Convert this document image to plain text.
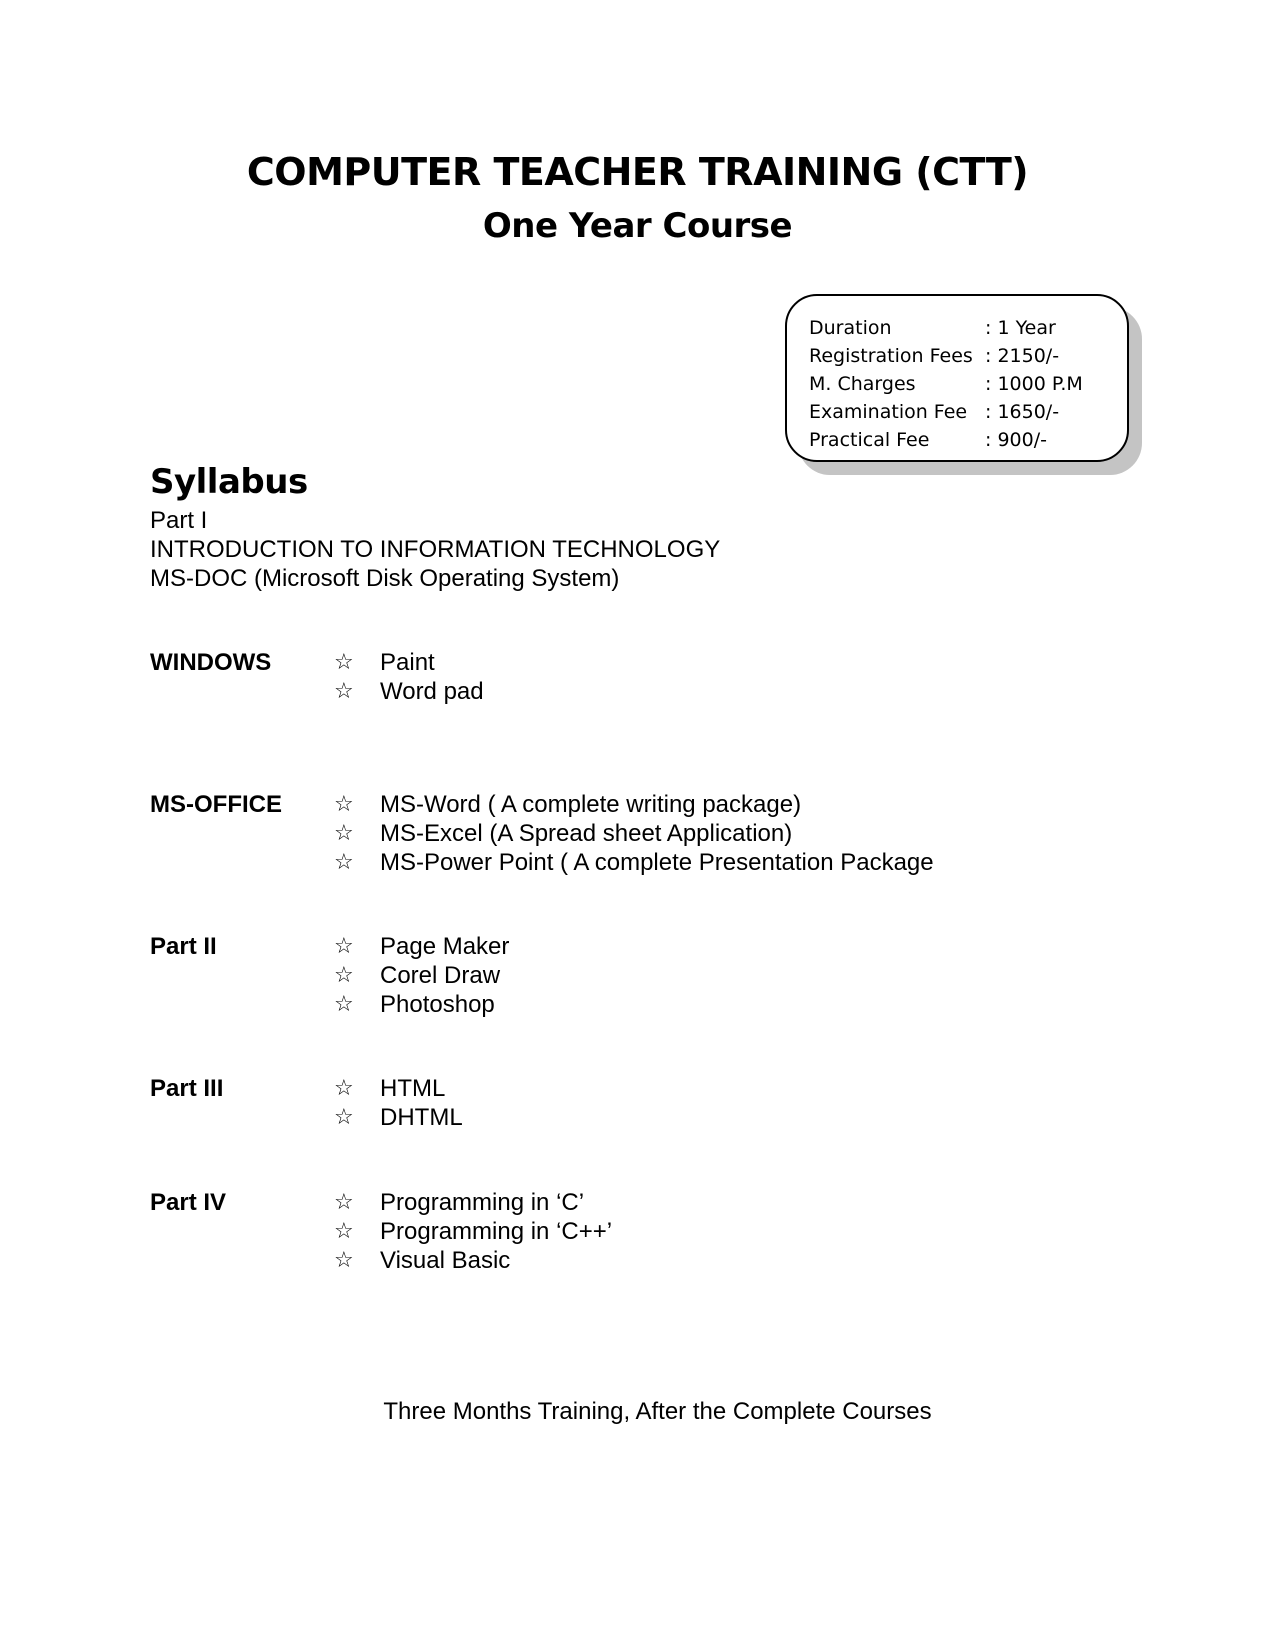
COMPUTER TEACHER TRAINING (CTT)
One Year Course
Duration	: 1 Year
Registration Fees : 2150/-
M. Charges	: 1000 P.M
Examination Fee : 1650/-
Practical Fee	: 900/-
Syllabus
Part I
INTRODUCTION TO INFORMATION TECHNOLOGY
MS-DOC (Microsoft Disk Operating System)
WINDOWS	☆	Paint
☆	Word pad
MS-OFFICE ☆	MS-Word ( A complete writing package)
☆	MS-Excel (A Spread sheet Application)
☆	MS-Power Point ( A complete Presentation Package
Part II	☆	Page Maker
☆	Corel Draw
☆	Photoshop
Part III	☆	HTML
☆	DHTML
Part IV	☆	Programming in ‘C’
☆	Programming in ‘C++’
☆	Visual Basic
Three Months Training, After the Complete Courses
